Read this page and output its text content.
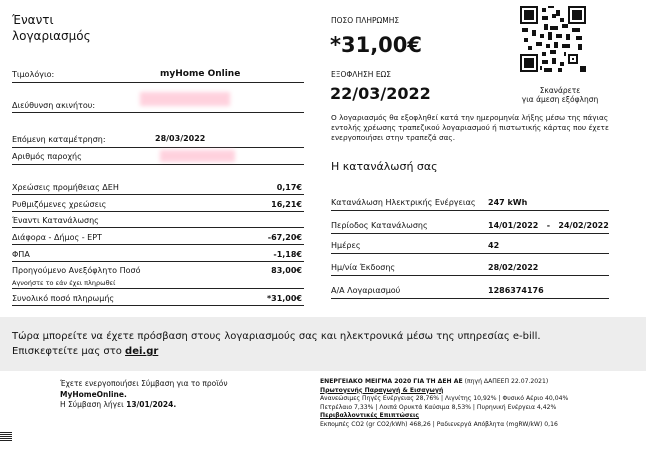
Έναντι
λογαριασμός
Τιμολόγιο:	myHome Online
Διεύθυνση ακινήτου:
Επόμενη καταμέτρηση:	28/03/2022
Αριθμός παροχής
Χρεώσεις προμήθειας ΔΕΗ	0,17€
Ρυθμιζόμενες χρεώσεις	16,21€
Έναντι Κατανάλωσης
Διάφορα - Δήμος - ΕΡΤ	-67,20€
ΦΠΑ	-1,18€
Προηγούμενο Ανεξόφλητο Ποσό	83,00€
Αγνοήστε το εάν έχει πληρωθεί
Συνολικό ποσό πληρωμής	*31,00€
ΠΟΣΟ ΠΛΗΡΩΜΗΣ
*31,00€
ΕΞΟΦΛΗΣΗ ΕΩΣ
22/03/2022	Σκανάρετε
για άμεση εξόφληση
Ο λογαριασμός θα εξοφληθεί κατά την ημερομηνία λήξης μέσω της πάγιας εντολής χρέωσης τραπεζικού λογαριασμού ή πιστωτικής κάρτας που έχετε ενεργοποιήσει στην τραπεζά σας.
Η κατανάλωσή σας
Κατανάλωση Ηλεκτρικής Ενέργειας 247 kWh
Περίοδος Κατανάλωσης	14/01/2022   -   24/02/2022
Ημέρες	42
Ημ/νία Έκδοσης	28/02/2022
Α/Α Λογαριασμού	1286374176
Τώρα μπορείτε να έχετε πρόσβαση στους λογαριασμούς σας και ηλεκτρονικά μέσω της υπηρεσίας e-bill.
Επισκεφτείτε μας στο dei.gr
Έχετε ενεργοποιήσει Σύμβαση για το προϊόν
MyHomeOnline.
Η Σύμβαση λήγει 13/01/2024.
ΕΝΕΡΓΕΙΑΚΟ ΜΕΙΓΜΑ 2020 ΓΙΑ ΤΗ ΔΕΗ ΑΕ (πηγή ΔΑΠΕΕΠ 22.07.2021)
Πρωτογενής Παραγωγή & Εισαγωγή
Ανανεώσιμες Πηγές Ενέργειας 28,76% | Λιγνίτης 10,92% | Φυσικό Αέριο 40,04%
Πετρέλαιο 7,33% | Λοιπά Ορυκτά Καύσιμα 8,53% | Πυρηνική Ενέργεια 4,42%
Περιβαλλοντικές Επιπτώσεις
Εκπομπές CO2 (gr CO2/kWh) 468,26 | Ραδιενεργά Απόβλητα (mgRW/kW) 0,16
